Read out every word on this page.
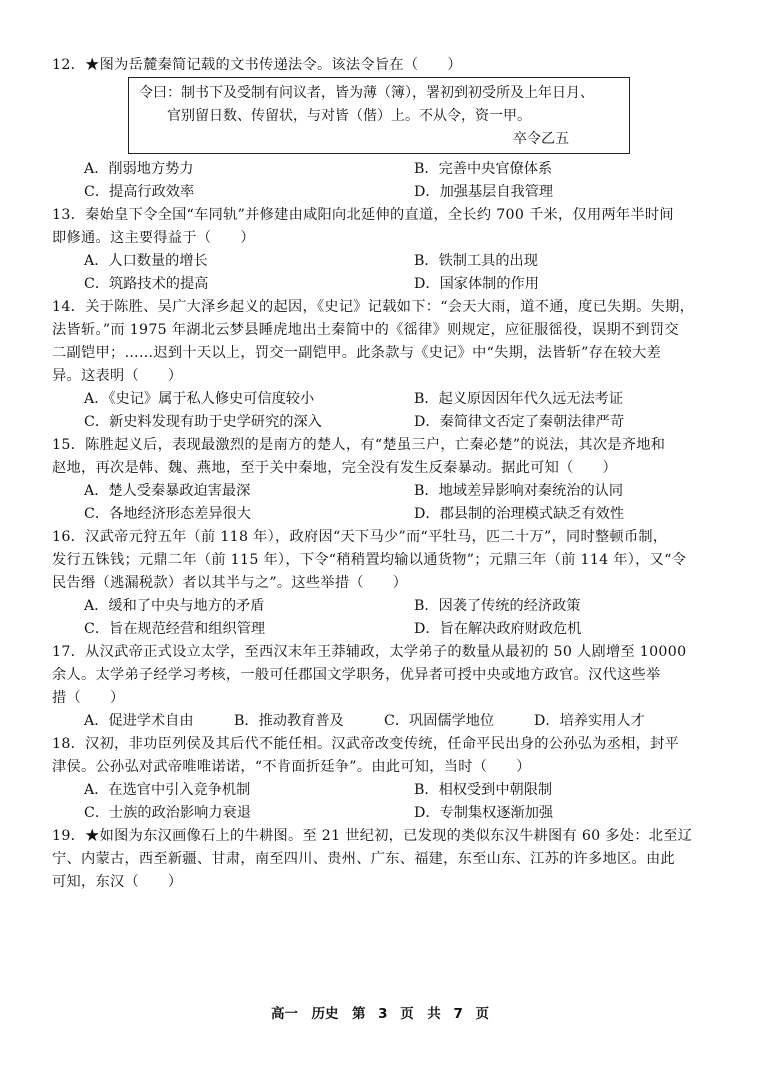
12．★图为岳麓秦简记载的文书传递法令。该法令旨在（　　）

令曰：制书下及受制有问议者，皆为薄（簿），署初到初受所及上年日月、
官别留日数、传留状，与对皆（偕）上。不从令，资一甲。
卒令乙五
A．削弱地方势力	B．完善中央官僚体系
C．提高行政效率	D．加强基层自我管理

13．秦始皇下令全国“车同轨”并修建由咸阳向北延伸的直道，全长约 700 千米，仅用两年半时间

即修通。这主要得益于（　　）

A．人口数量的增长	B．铁制工具的出现
C．筑路技术的提高	D．国家体制的作用

14．关于陈胜、吴广大泽乡起义的起因，《史记》记载如下：“会天大雨，道不通，度已失期。失期，

法皆斩。”而 1975 年湖北云梦县睡虎地出土秦简中的《徭律》则规定，应征服徭役，误期不到罚交

二副铠甲；……迟到十天以上，罚交一副铠甲。此条款与《史记》中“失期，法皆斩”存在较大差

异。这表明（　　）

A．《史记》属于私人修史可信度较小	B．起义原因因年代久远无法考证
C．新史料发现有助于史学研究的深入	D．秦简律文否定了秦朝法律严苛

15．陈胜起义后，表现最激烈的是南方的楚人，有“楚虽三户，亡秦必楚”的说法，其次是齐地和

赵地，再次是韩、魏、燕地，至于关中秦地，完全没有发生反秦暴动。据此可知（　　）

A．楚人受秦暴政迫害最深	B．地域差异影响对秦统治的认同
C．各地经济形态差异很大	D．郡县制的治理模式缺乏有效性

16．汉武帝元狩五年（前 118 年），政府因“天下马少”而“平牡马，匹二十万”，同时整顿币制，

发行五铢钱；元鼎二年（前 115 年），下令“稍稍置均输以通货物”；元鼎三年（前 114 年），又“令

民告缗（逃漏税款）者以其半与之”。这些举措（　　）

A．缓和了中央与地方的矛盾	B．因袭了传统的经济政策
C．旨在规范经营和组织管理	D．旨在解决政府财政危机

17．从汉武帝正式设立太学，至西汉末年王莽辅政，太学弟子的数量从最初的 50 人剧增至 10000

余人。太学弟子经学习考核，一般可任郡国文学职务，优异者可授中央或地方政官。汉代这些举

措（　　）

A．促进学术自由	B．推动教育普及	C．巩固儒学地位	D．培养实用人才

18．汉初，非功臣列侯及其后代不能任相。汉武帝改变传统，任命平民出身的公孙弘为丞相，封平

津侯。公孙弘对武帝唯唯诺诺，“不肯面折廷争”。由此可知，当时（　　）

A．在选官中引入竞争机制	B．相权受到中朝限制
C．士族的政治影响力衰退	D．专制集权逐渐加强

19．★如图为东汉画像石上的牛耕图。至 21 世纪初，已发现的类似东汉牛耕图有 60 多处：北至辽

宁、内蒙古，西至新疆、甘肃，南至四川、贵州、广东、福建，东至山东、江苏的许多地区。由此

可知，东汉（　　）

高一　历史　第 3 页　共 7 页
